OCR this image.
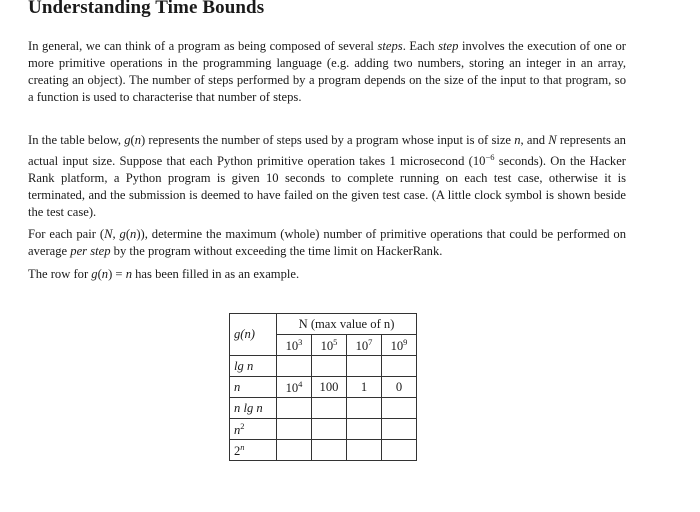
Understanding Time Bounds

In general, we can think of a program as being composed of several steps. Each step involves the execution of one or more primitive operations in the programming language (e.g. adding two numbers, storing an integer in an array, creating an object). The number of steps performed by a program depends on the size of the input to that program, so a function is used to characterise that number of steps.

In the table below, g(n) represents the number of steps used by a program whose input is of size n, and N represents an actual input size. Suppose that each Python primitive operation takes 1 microsecond ($10^{-6}$ seconds). On the Hacker Rank platform, a Python program is given 10 seconds to complete running on each test case, otherwise it is terminated, and the submission is deemed to have failed on the given test case. (A little clock symbol is shown beside the test case).

For each pair (N, g(n)), determine the maximum (whole) number of primitive operations that could be performed on average per step by the program without exceeding the time limit on HackerRank.

The row for g(n) = n has been filled in as an example.

g(n)	N (max value of n)			
	$10^3$	$10^5$	$10^7$	$10^9$
lg n				
n	$10^4$	100	1	0
n lg n				
$n^2$				
2$^n$				
